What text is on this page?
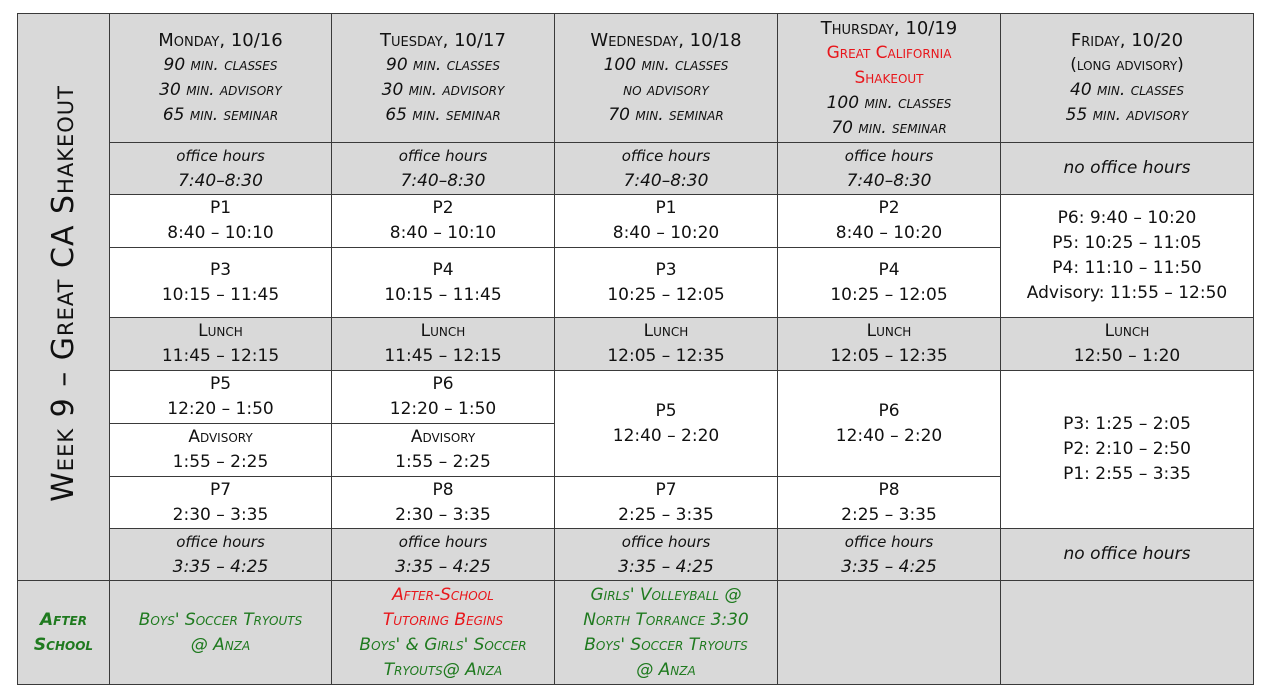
Week 9 – Great CA Shakeout	Monday, 10/16
90 min. classes
30 min. advisory
65 min. seminar	Tuesday, 10/17
90 min. classes
30 min. advisory
65 min. seminar	Wednesday, 10/18
100 min. classes
no advisory
70 min. seminar	Thursday, 10/19
Great California
Shakeout
100 min. classes
70 min. seminar	Friday, 10/20
(long advisory)
40 min. classes
55 min. advisory

	office hours
7:40–8:30	office hours
7:40–8:30	office hours
7:40–8:30	office hours
7:40–8:30	no office hours

	P1
8:40 – 10:10	P2
8:40 – 10:10	P1
8:40 – 10:20	P2
8:40 – 10:20	P6: 9:40 – 10:20
P5: 10:25 – 11:05
P4: 11:10 – 11:50
Advisory: 11:55 – 12:50

	P3
10:15 – 11:45	P4
10:15 – 11:45	P3
10:25 – 12:05	P4
10:25 – 12:05	

	Lunch
11:45 – 12:15	Lunch
11:45 – 12:15	Lunch
12:05 – 12:35	Lunch
12:05 – 12:35	Lunch
12:50 – 1:20

	P5
12:20 – 1:50	P6
12:20 – 1:50	P5
12:40 – 2:20	P6
12:40 – 2:20	P3: 1:25 – 2:05
P2: 2:10 – 2:50
P1: 2:55 – 3:35

	Advisory
1:55 – 2:25	Advisory
1:55 – 2:25			

	P7
2:30 – 3:35	P8
2:30 – 3:35	P7
2:25 – 3:35	P8
2:25 – 3:35	

	office hours
3:35 – 4:25	office hours
3:35 – 4:25	office hours
3:35 – 4:25	office hours
3:35 – 4:25	no office hours

After
School	Boys' Soccer Tryouts
@ Anza	After-School
Tutoring Begins
Boys' & Girls' Soccer
Tryouts@ Anza	Girls' Volleyball @
North Torrance 3:30
Boys' Soccer Tryouts
@ Anza		
